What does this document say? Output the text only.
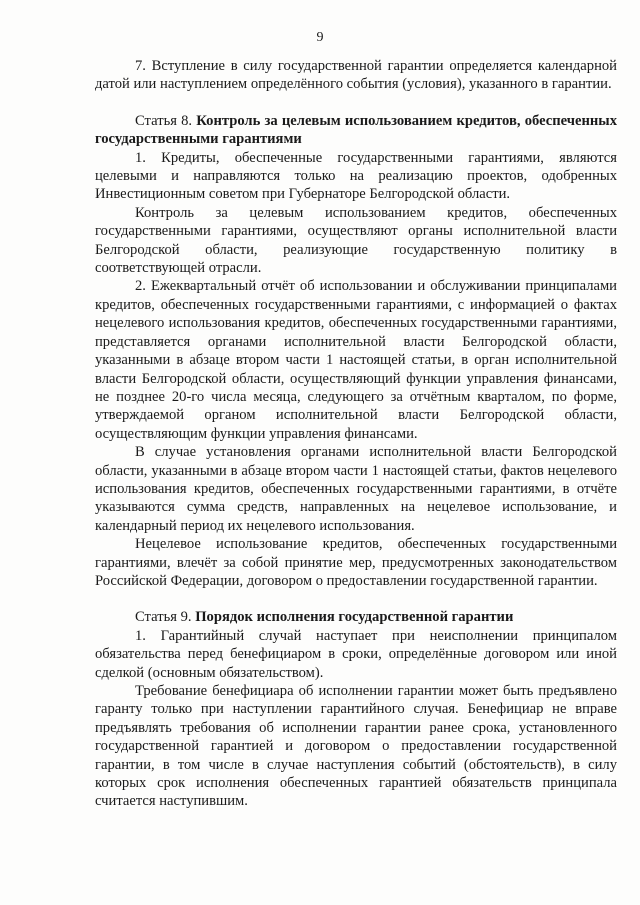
9

7. Вступление в силу государственной гарантии определяется календарной датой или наступлением определённого события (условия), указанного в гарантии.

Статья 8. Контроль за целевым использованием кредитов, обеспеченных государственными гарантиями

1. Кредиты, обеспеченные государственными гарантиями, являются целевыми и направляются только на реализацию проектов, одобренных Инвестиционным советом при Губернаторе Белгородской области.

Контроль за целевым использованием кредитов, обеспеченных государственными гарантиями, осуществляют органы исполнительной власти Белгородской области, реализующие государственную политику в соответствующей отрасли.

2. Ежеквартальный отчёт об использовании и обслуживании принципалами кредитов, обеспеченных государственными гарантиями, с информацией о фактах нецелевого использования кредитов, обеспеченных государственными гарантиями, представляется органами исполнительной власти Белгородской области, указанными в абзаце втором части 1 настоящей статьи, в орган исполнительной власти Белгородской области, осуществляющий функции управления финансами, не позднее 20-го числа месяца, следующего за отчётным кварталом, по форме, утверждаемой органом исполнительной власти Белгородской области, осуществляющим функции управления финансами.

В случае установления органами исполнительной власти Белгородской области, указанными в абзаце втором части 1 настоящей статьи, фактов нецелевого использования кредитов, обеспеченных государственными гарантиями, в отчёте указываются сумма средств, направленных на нецелевое использование, и календарный период их нецелевого использования.

Нецелевое использование кредитов, обеспеченных государственными гарантиями, влечёт за собой принятие мер, предусмотренных законодательством Российской Федерации, договором о предоставлении государственной гарантии.

Статья 9. Порядок исполнения государственной гарантии

1. Гарантийный случай наступает при неисполнении принципалом обязательства перед бенефициаром в сроки, определённые договором или иной сделкой (основным обязательством).

Требование бенефициара об исполнении гарантии может быть предъявлено гаранту только при наступлении гарантийного случая. Бенефициар не вправе предъявлять требования об исполнении гарантии ранее срока, установленного государственной гарантией и договором о предоставлении государственной гарантии, в том числе в случае наступления событий (обстоятельств), в силу которых срок исполнения обеспеченных гарантией обязательств принципала считается наступившим.
